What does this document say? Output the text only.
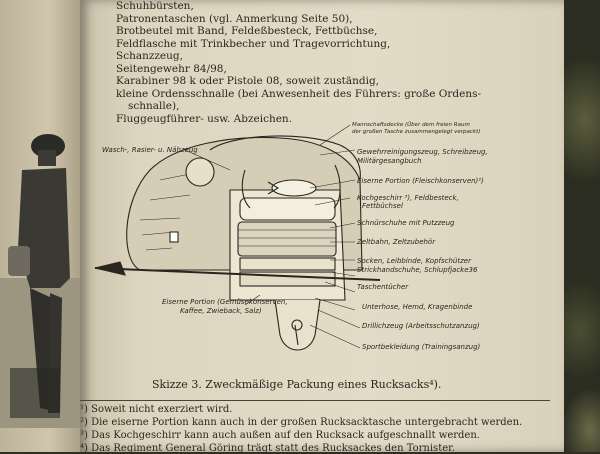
Schuhbürsten,
Patronentaschen (vgl. Anmerkung Seite 50),
Brotbeutel mit Band, Feldeßbesteck, Fettbüchse,
Feldflasche mit Trinkbecher und Tragevorrichtung,
Schanzzeug,
Seitengewehr 84/98,
Karabiner 98 k oder Pistole 08, soweit zuständig,
kleine Ordensschnalle (bei Anwesenheit des Führers: große Ordens-
schnalle),
Fluggeugführer- usw. Abzeichen.
Mannschaftsdecke (Über dem freien Raum
der großen Tasche zusammengelegt verpackt)
Wasch-, Rasier- u. Nähzeug	Gewehrreinigungszeug, Schreibzeug,
Militärgesangbuch
Eiserne Portion (Fleischkonserven)²)
Kochgeschirr ³), Feldbesteck,
Fettbüchsel
Schnürschuhe mit Putzzeug
Zeltbahn, Zeltzubehör
Socken, Leibbinde, Kopfschützer
Strickhandschuhe, Schlupfjacke36
Taschentücher
Eiserne Portion (Gemüsekonserven,
Kaffee, Zwieback, Salz)	Unterhose, Hemd, Kragenbinde
Drillichzeug (Arbeitsschutzanzug)
Sportbekleidung (Trainingsanzug)
Skizze 3. Zweckmäßige Packung eines Rucksacks⁴).
¹) Soweit nicht exerziert wird.
²) Die eiserne Portion kann auch in der großen Rucksacktasche untergebracht werden.
³) Das Kochgeschirr kann auch außen auf den Rucksack aufgeschnallt werden.
⁴) Das Regiment General Göring trägt statt des Rucksackes den Tornister.
